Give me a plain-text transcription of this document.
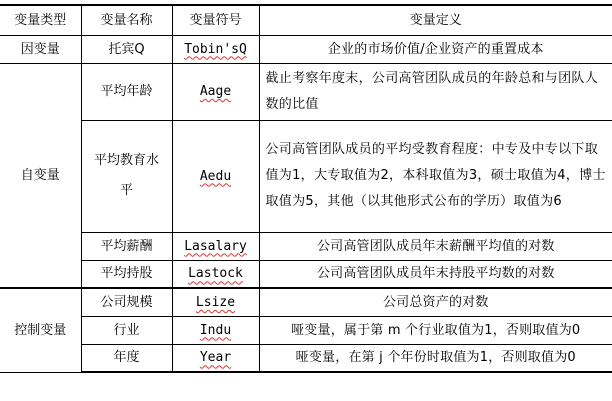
变量类型	变量名称	变量符号	变量定义
因变量	托宾Q	Tobin'sQ	企业的市场价值/企业资产的重置成本
自变量	平均年龄	Aage	截止考察年度末，公司高管团队成员的年龄总和与团队人数的比值
	平均教育水平	Aedu	公司高管团队成员的平均受教育程度：中专及中专以下取值为1，大专取值为2，本科取值为3，硕士取值为4，博士取值为5，其他（以其他形式公布的学历）取值为6
	平均薪酬	Lasalary	公司高管团队成员年末薪酬平均值的对数
	平均持股	Lastock	公司高管团队成员年末持股平均数的对数
控制变量	公司规模	Lsize	公司总资产的对数
	行业	Indu	哑变量，属于第 m 个行业取值为1，否则取值为0
	年度	Year	哑变量，在第 j 个年份时取值为1，否则取值为0
